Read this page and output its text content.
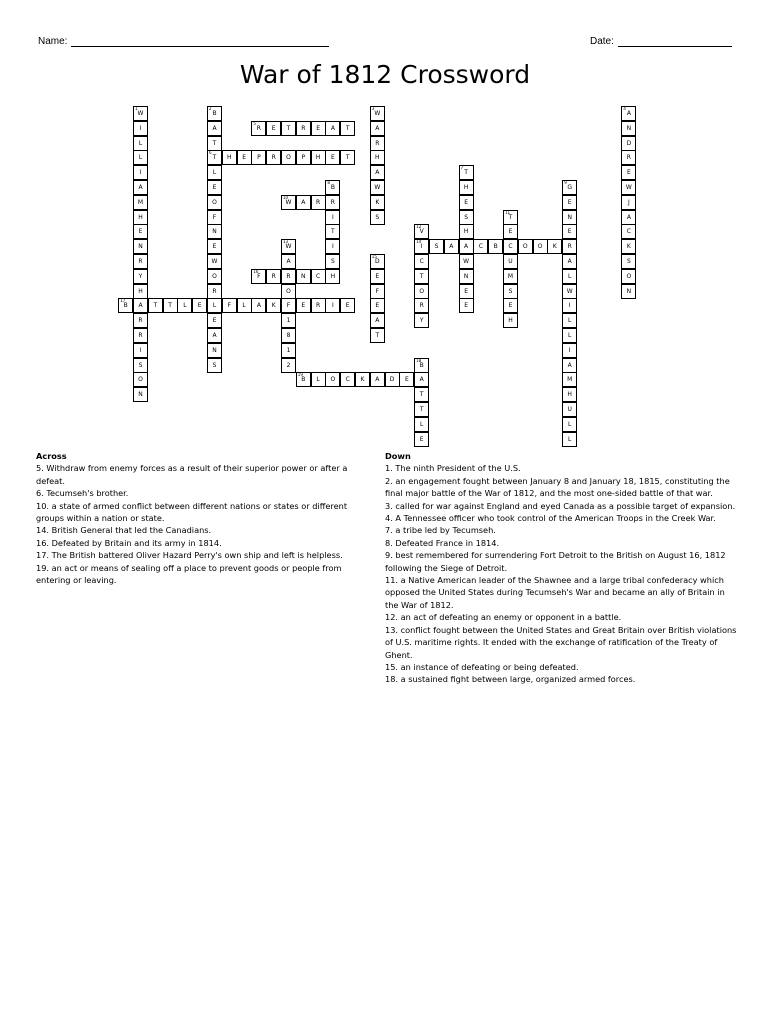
Name:	Date:
War of 1812 Crossword
W
1
I
L
L
I
A
M
H
E
N
R
Y
H
A
R
R
I
S
O
N
B
2
A
T
T
6
L
E
O
F
N
E
W
O
R
L
E
A
N
S
W
3
A
R
H
A
W
K
S
A
4
N
D
R
E
W
J
A
C
K
S
O
N
R
5
E	T	R	E	A	T
H	E	P	R	O	P	H	E	T
T
7
H
E
S
H
A
W
N
E
E
B
8
R
I
T
I
S
H
G
9
E
N
E
R
A
L
W
I
L
L
I
A
M
H
U
L
L
W
10
A	R
T
11
E
C
U
M
S
E
H
V
12
I
14
C
T
O
R
Y
W
13
A
R
O
F
1
8
1
2
S	A	C	B	O	O	K
D
15
E
F
E
A
T
F
16
R	N	C
B
17
T	T	L	E	F	L	A	K	E	R	I	E
B
18
A
T
T
L
E
B
19
L	O	C	K	A	D	E
Across
5. Withdraw from enemy forces as a result of their superior power or after a defeat.
6. Tecumseh's brother.
10. a state of armed conflict between different nations or states or different groups within a nation or state.
14. British General that led the Canadians.
16. Defeated by Britain and its army in 1814.
17. The British battered Oliver Hazard Perry's own ship and left is helpless.
19. an act or means of sealing off a place to prevent goods or people from entering or leaving.
Down
1. The ninth President of the U.S.
2. an engagement fought between January 8 and January 18, 1815, constituting the final major battle of the War of 1812, and the most one-sided battle of that war.
3. called for war against England and eyed Canada as a possible target of expansion.
4. A Tennessee officer who took control of the American Troops in the Creek War.
7. a tribe led by Tecumseh.
8. Defeated France in 1814.
9. best remembered for surrendering Fort Detroit to the British on August 16, 1812 following the Siege of Detroit.
11. a Native American leader of the Shawnee and a large tribal confederacy which opposed the United States during Tecumseh's War and became an ally of Britain in the War of 1812.
12. an act of defeating an enemy or opponent in a battle.
13. conflict fought between the United States and Great Britain over British violations of U.S. maritime rights. It ended with the exchange of ratification of the Treaty of Ghent.
15. an instance of defeating or being defeated.
18. a sustained fight between large, organized armed forces.
